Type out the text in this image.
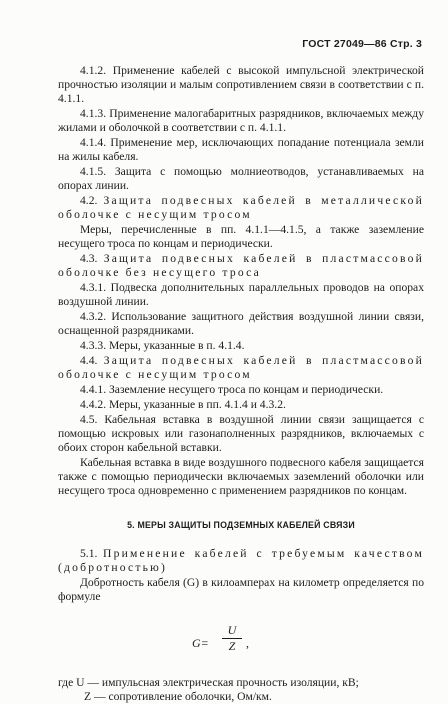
ГОСТ 27049—86 Стр. 3

4.1.2. Применение кабелей с высокой импульсной электрической прочностью изоляции и малым сопротивлением связи в соответствии с п. 4.1.1.

4.1.3. Применение малогабаритных разрядников, включаемых между жилами и оболочкой в соответствии с п. 4.1.1.

4.1.4. Применение мер, исключающих попадание потенциала земли на жилы кабеля.

4.1.5. Защита с помощью молниеотводов, устанавливаемых на опорах линии.

4.2. Защита подвесных кабелей в металлической оболочке с несущим тросом

Меры, перечисленные в пп. 4.1.1—4.1.5, а также заземление несущего троса по концам и периодически.

4.3. Защита подвесных кабелей в пластмассовой оболочке без несущего троса

4.3.1. Подвеска дополнительных параллельных проводов на опорах воздушной линии.

4.3.2. Использование защитного действия воздушной линии связи, оснащенной разрядниками.

4.3.3. Меры, указанные в п. 4.1.4.

4.4. Защита подвесных кабелей в пластмассовой оболочке с несущим тросом

4.4.1. Заземление несущего троса по концам и периодически.

4.4.2. Меры, указанные в пп. 4.1.4 и 4.3.2.

4.5. Кабельная вставка в воздушной линии связи защищается с помощью искровых или газонаполненных разрядников, включаемых с обоих сторон кабельной вставки.

Кабельная вставка в виде воздушного подвесного кабеля защищается также с помощью периодически включаемых заземлений оболочки или несущего троса одновременно с применением разрядников по концам.

5. МЕРЫ ЗАЩИТЫ ПОДЗЕМНЫХ КАБЕЛЕЙ СВЯЗИ

5.1. Применение кабелей с требуемым качеством (добротностью)

Добротность кабеля (G) в килоамперах на километр определяется по формуле

$G= \frac{U}{Z}$ ,

где U — импульсная электрическая прочность изоляции, кВ;

Z — сопротивление оболочки, Ом/км.
